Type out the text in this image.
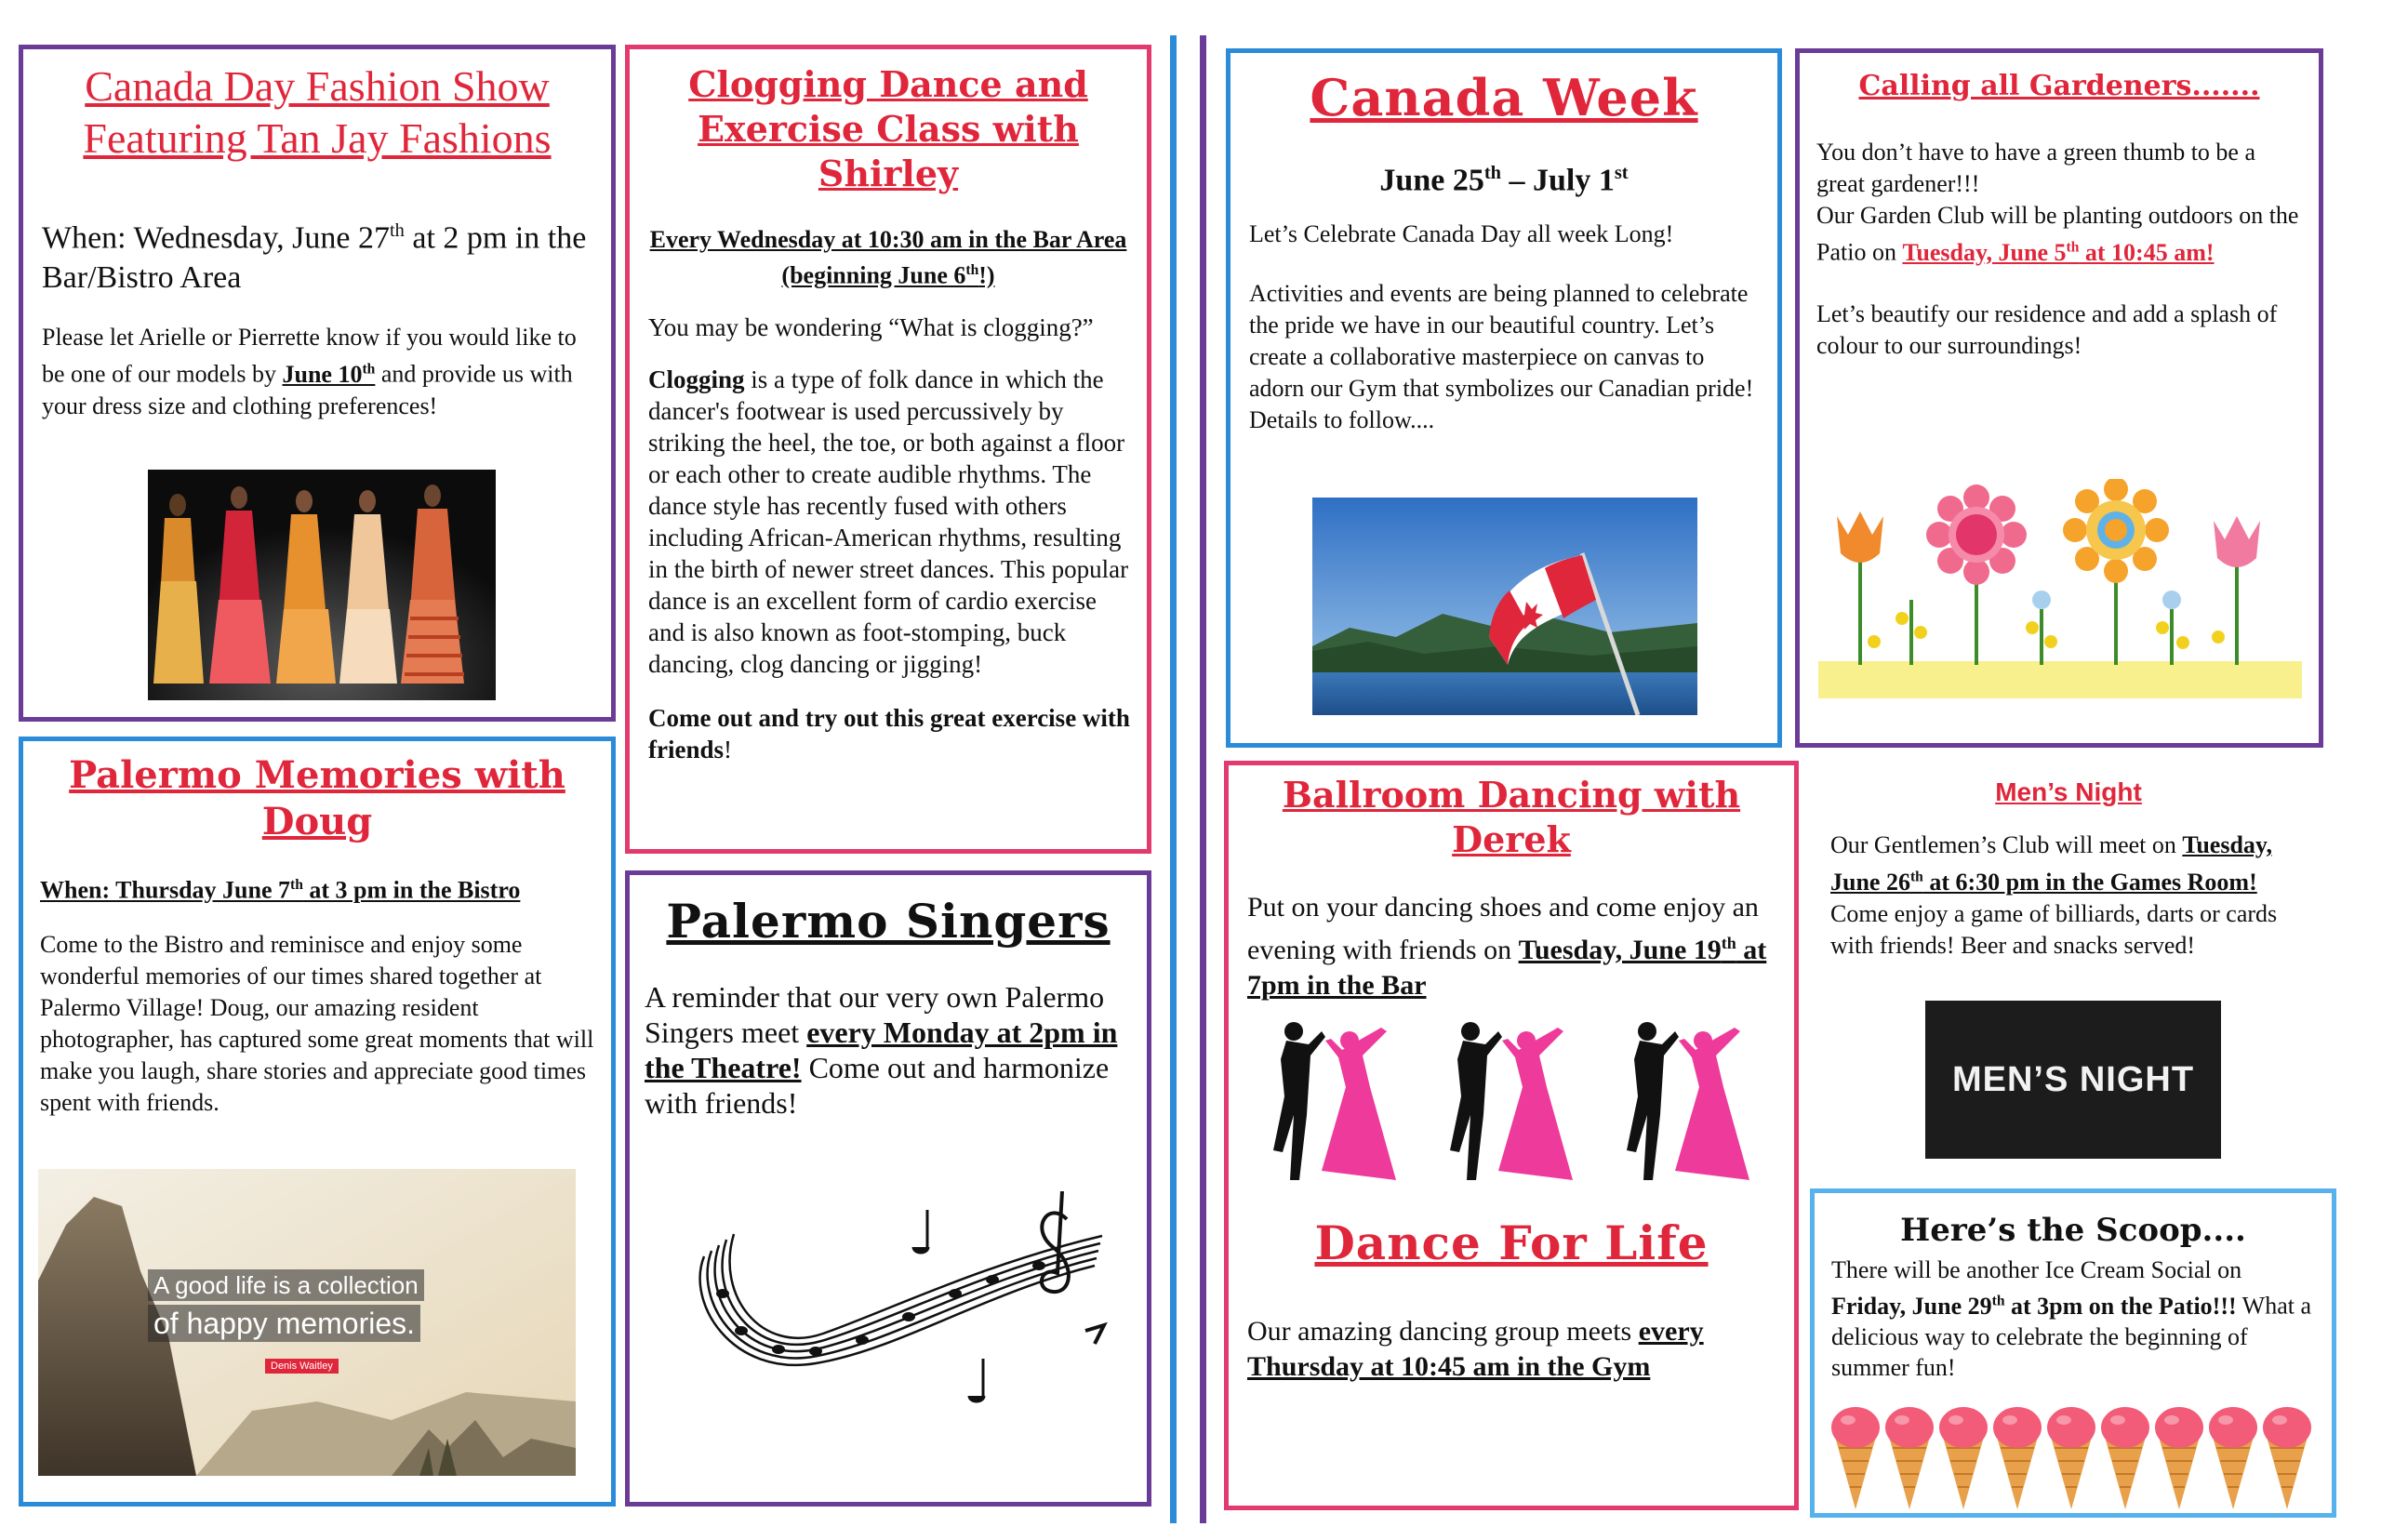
Canada Day Fashion Show
Featuring Tan Jay Fashions

When: Wednesday, June 27th at 2 pm in the Bar/Bistro Area

Please let Arielle or Pierrette know if you would like to be one of our models by June 10th and provide us with your dress size and clothing preferences!

Clogging Dance and Exercise Class with Shirley

Every Wednesday at 10:30 am in the Bar Area (beginning June 6th!)

You may be wondering “What is clogging?”

Clogging is a type of folk dance in which the dancer's footwear is used percussively by striking the heel, the toe, or both against a floor or each other to create audible rhythms. The dance style has recently fused with others including African-American rhythms, resulting in the birth of newer street dances. This popular dance is an excellent form of cardio exercise and is also known as foot-stomping, buck dancing, clog dancing or jigging!

Come out and try out this great exercise with friends!

Palermo Memories with Doug

When: Thursday June 7th at 3 pm in the Bistro

Come to the Bistro and reminisce and enjoy some wonderful memories of our times shared together at Palermo Village! Doug, our amazing resident photographer, has captured some great moments that will make you laugh, share stories and appreciate good times spent with friends.

A good life is a collection
of happy memories.
Denis Waitley
Palermo Singers

A reminder that our very own Palermo Singers meet every Monday at 2pm in the Theatre! Come out and harmonize with friends!

Canada Week

June 25th – July 1st

Let’s Celebrate Canada Day all week Long!

Activities and events are being planned to celebrate the pride we have in our beautiful country. Let’s create a collaborative masterpiece on canvas to adorn our Gym that symbolizes our Canadian pride! Details to follow....

Calling all Gardeners.......

You don’t have to have a green thumb to be a great gardener!!!
Our Garden Club will be planting outdoors on the Patio on Tuesday, June 5th at 10:45 am!

Let’s beautify our residence and add a splash of colour to our surroundings!

Ballroom Dancing with Derek

Put on your dancing shoes and come enjoy an evening with friends on Tuesday, June 19th at 7pm in the Bar

Dance For Life

Our amazing dancing group meets every Thursday at 10:45 am in the Gym

Men’s Night

Our Gentlemen’s Club will meet on Tuesday, June 26th at 6:30 pm in the Games Room! Come enjoy a game of billiards, darts or cards with friends! Beer and snacks served!

MEN’S NIGHT
Here’s the Scoop....

There will be another Ice Cream Social on Friday, June 29th at 3pm on the Patio!!! What a delicious way to celebrate the beginning of summer fun!
